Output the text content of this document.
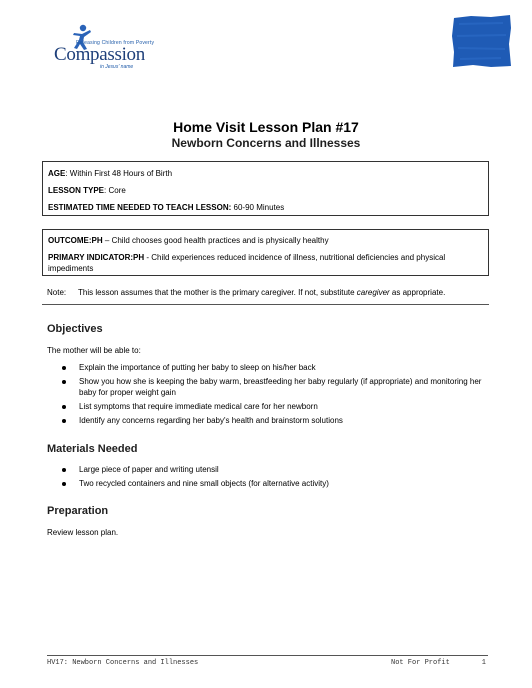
Releasing Children from Poverty
Compassion
in Jesus' name
Home Visit Lesson Plan #17
Newborn Concerns and Illnesses
AGE: Within First 48 Hours of Birth
LESSON TYPE: Core
ESTIMATED TIME NEEDED TO TEACH LESSON: 60-90 Minutes
OUTCOME:PH – Child chooses good health practices and is physically healthy
PRIMARY INDICATOR:PH - Child experiences reduced incidence of illness, nutritional deficiencies and physical impediments
Note: This lesson assumes that the mother is the primary caregiver. If not, substitute caregiver as appropriate.
Objectives
The mother will be able to:
Explain the importance of putting her baby to sleep on his/her back
Show you how she is keeping the baby warm, breastfeeding her baby regularly (if appropriate) and monitoring her baby for proper weight gain
List symptoms that require immediate medical care for her newborn
Identify any concerns regarding her baby's health and brainstorm solutions
Materials Needed
Large piece of paper and writing utensil
Two recycled containers and nine small objects (for alternative activity)
Preparation
Review lesson plan.
HV17: Newborn Concerns and Illnesses	Not For Profit	1
